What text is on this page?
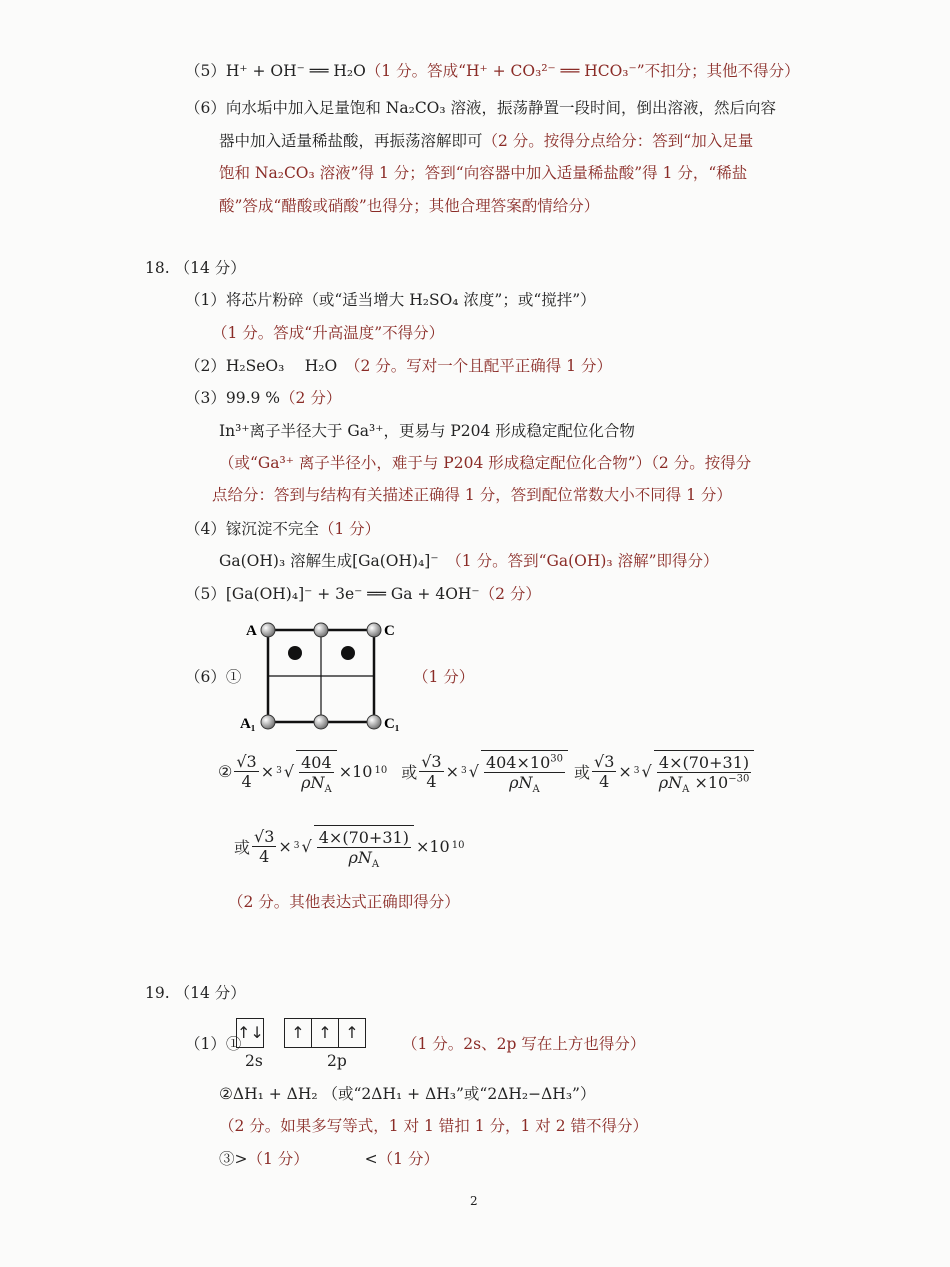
（5）H⁺ + OH⁻ ══ H₂O（1 分。答成“H⁺ + CO₃²⁻ ══ HCO₃⁻”不扣分；其他不得分）
（6）向水垢中加入足量饱和 Na₂CO₃ 溶液，振荡静置一段时间，倒出溶液，然后向容
器中加入适量稀盐酸，再振荡溶解即可（2 分。按得分点给分：答到“加入足量
饱和 Na₂CO₃ 溶液”得 1 分；答到“向容器中加入适量稀盐酸”得 1 分，“稀盐
酸”答成“醋酸或硝酸”也得分；其他合理答案酌情给分）
18. （14 分）
（1）将芯片粉碎（或“适当增大 H₂SO₄ 浓度”；或“搅拌”）
（1 分。答成“升高温度”不得分）
（2）H₂SeO₃　 H₂O　 （2 分。写对一个且配平正确得 1 分）
（3）99.9 %（2 分）
In³⁺离子半径大于 Ga³⁺，更易与 P204 形成稳定配位化合物
（或“Ga³⁺ 离子半径小，难于与 P204 形成稳定配位化合物”）（2 分。按得分
点给分：答到与结构有关描述正确得 1 分，答到配位常数大小不同得 1 分）
（4）镓沉淀不完全（1 分）
Ga(OH)₃ 溶解生成[Ga(OH)₄]⁻　 （1 分。答到“Ga(OH)₃ 溶解”即得分）
（5）[Ga(OH)₄]⁻ + 3e⁻ ══ Ga + 4OH⁻（2 分）
（6）①	（1 分）
A	C
A₁	C₁
② $\frac{√3}{4} \times 3$ √ $\frac{404}{\rho N_A} \times 10$ 10 或 $\frac{√3}{4} \times 3$ √ $\frac{404\times 10^{30}}{\rho N_A}$ 或 $\frac{√3}{4} \times 3$ √ $\frac{4\times(70+31)}{\rho N_A \times 10^{-30}}$
或 $\frac{√3}{4} \times 3$ √ $\frac{4\times(70+31)}{\rho N_A} \times 10$ 10
（2 分。其他表达式正确即得分）
19. （14 分）
（1）①
↑↓	↑ ↑ ↑
2s	2p
（1 分。2s、2p 写在上方也得分）
②ΔH₁ + ΔH₂ （或“2ΔH₁ + ΔH₃”或“2ΔH₂−ΔH₃”）
（2 分。如果多写等式，1 对 1 错扣 1 分，1 对 2 错不得分）
③>（1 分）	<（1 分）
2
